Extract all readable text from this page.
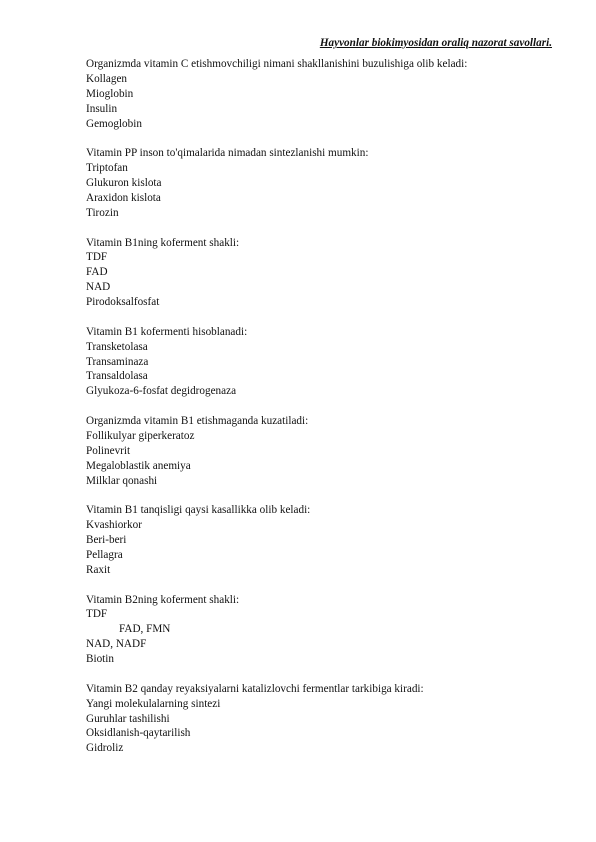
Hayvonlar biokimyosidan oraliq nazorat savollari.
Organizmda vitamin C etishmovchiligi nimani shakllanishini buzulishiga olib keladi:
Kollagen
Mioglobin
Insulin
Gemoglobin
Vitamin PP inson to'qimalarida nimadan sintezlanishi mumkin:
Triptofan
Glukuron kislota
Araxidon kislota
Tirozin
Vitamin B1ning koferment shakli:
TDF
FAD
NAD
Pirodoksalfosfat
Vitamin B1 kofermenti hisoblanadi:
Transketolasa
Transaminaza
Transaldolasa
Glyukoza-6-fosfat degidrogenaza
Organizmda vitamin B1 etishmaganda kuzatiladi:
Follikulyar giperkeratoz
Polinevrit
Megaloblastik anemiya
Milklar qonashi
Vitamin B1 tanqisligi qaysi kasallikka olib keladi:
Kvashiorkor
Beri-beri
Pellagra
Raxit
Vitamin B2ning koferment shakli:
TDF
FAD, FMN
NAD, NADF
Biotin
Vitamin B2 qanday reyaksiyalarni katalizlovchi fermentlar tarkibiga kiradi:
Yangi molekulalarning sintezi
Guruhlar tashilishi
Oksidlanish-qaytarilish
Gidroliz
